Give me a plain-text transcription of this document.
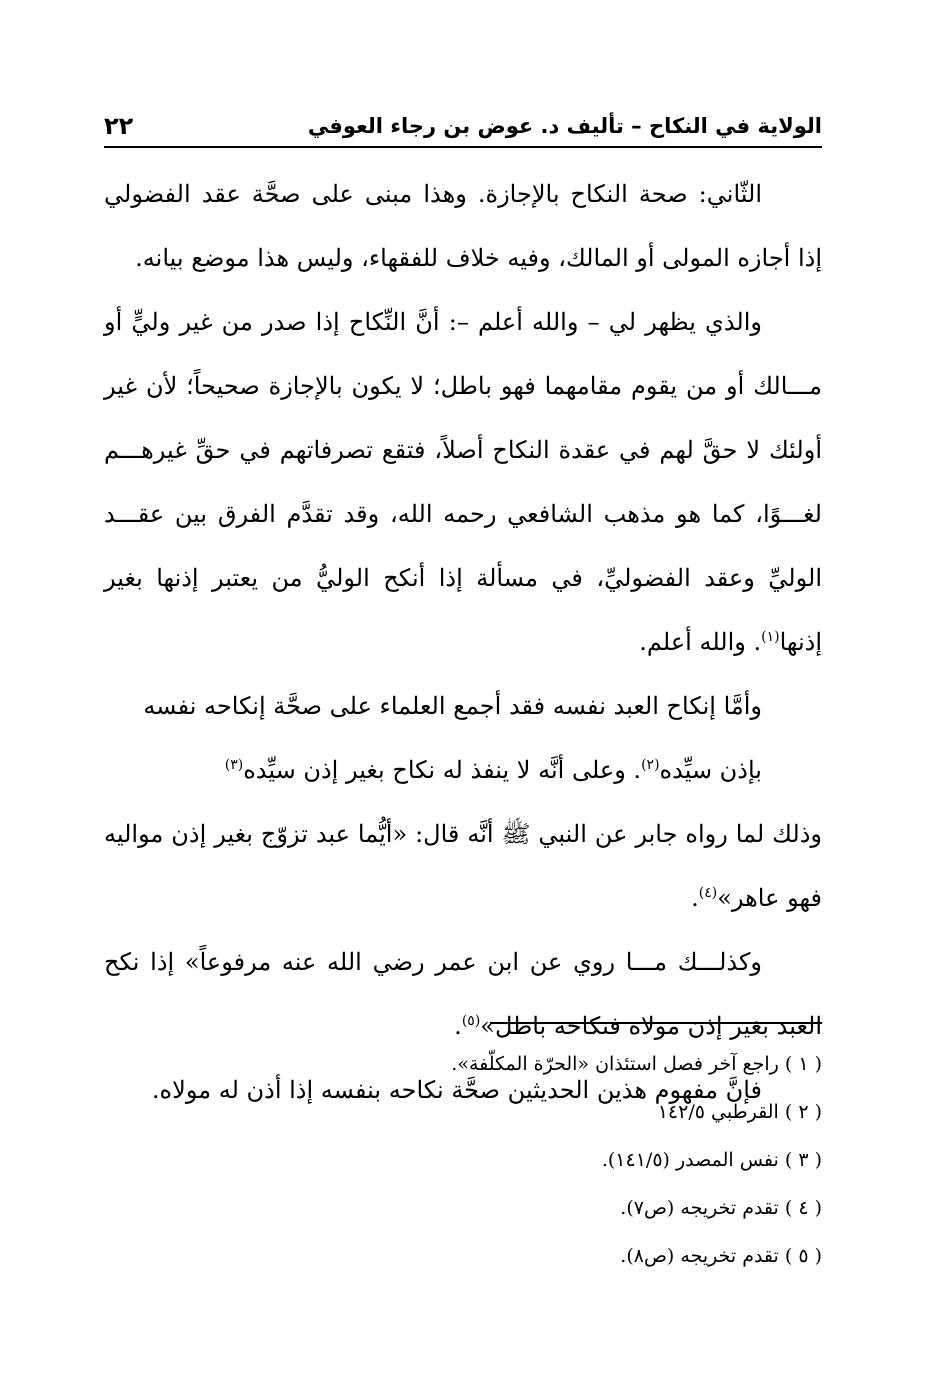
الولاية في النكاح – تأليف د. عوض بن رجاء العوفي
٢٢

الثّاني: صحة النكاح بالإجازة. وهذا مبنى على صحَّة عقد الفضولي إذا أجازه المولى أو المالك، وفيه خلاف للفقهاء، وليس هذا موضع بيانه.

والذي يظهر لي – والله أعلم –: أنَّ النِّكاح إذا صدر من غير وليٍّ أو مـــالك أو من يقوم مقامهما فهو باطل؛ لا يكون بالإجازة صحيحاً؛ لأن غير أولئك لا حقَّ لهم في عقدة النكاح أصلاً، فتقع تصرفاتهم في حقِّ غيرهـــم لغـــوًا، كما هو مذهب الشافعي رحمه الله، وقد تقدَّم الفرق بين عقـــد الوليِّ وعقد الفضوليِّ، في مسألة إذا أنكح الوليُّ من يعتبر إذنها بغير إذنها$^{(١)}$. والله أعلم.

وأمَّا إنكاح العبد نفسه فقد أجمع العلماء على صحَّة إنكاحه نفسه

بإذن سيِّده$^{(٢)}$. وعلى أنَّه لا ينفذ له نكاح بغير إذن سيِّده$^{(٣)}$

وذلك لما رواه جابر عن النبي ﷺ أنَّه قال: «أيُّما عبد تزوّج بغير إذن مواليه فهو عاهر»$^{(٤)}$.

وكذلـــك مـــا روي عن ابن عمر رضي الله عنه مرفوعاً» إذا نكح العبد بغير إذن مولاه فنكاحه باطل»$^{(٥)}$.

فإنَّ مفهوم هذين الحديثين صحَّة نكاحه بنفسه إذا أذن له مولاه.

( ١ ) راجع آخر فصل استئذان «الحرّة المكلّفة».

( ٢ ) القرطبي ١٤٢/٥

( ٣ ) نفس المصدر (١٤١/٥).

( ٤ ) تقدم تخريجه (ص٧).

( ٥ ) تقدم تخريجه (ص٨).
